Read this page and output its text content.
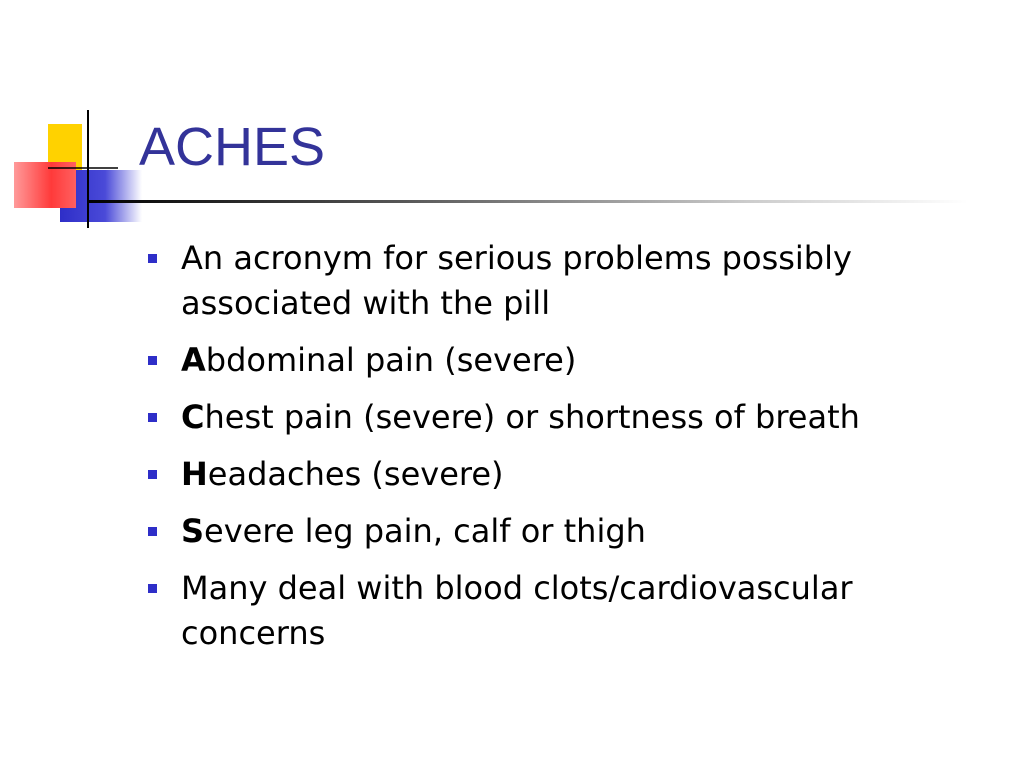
ACHES
An acronym for serious problems possibly associated with the pill
Abdominal pain (severe)
Chest pain (severe) or shortness of breath
Headaches (severe)
Severe leg pain, calf or thigh
Many deal with blood clots/cardiovascular concerns
